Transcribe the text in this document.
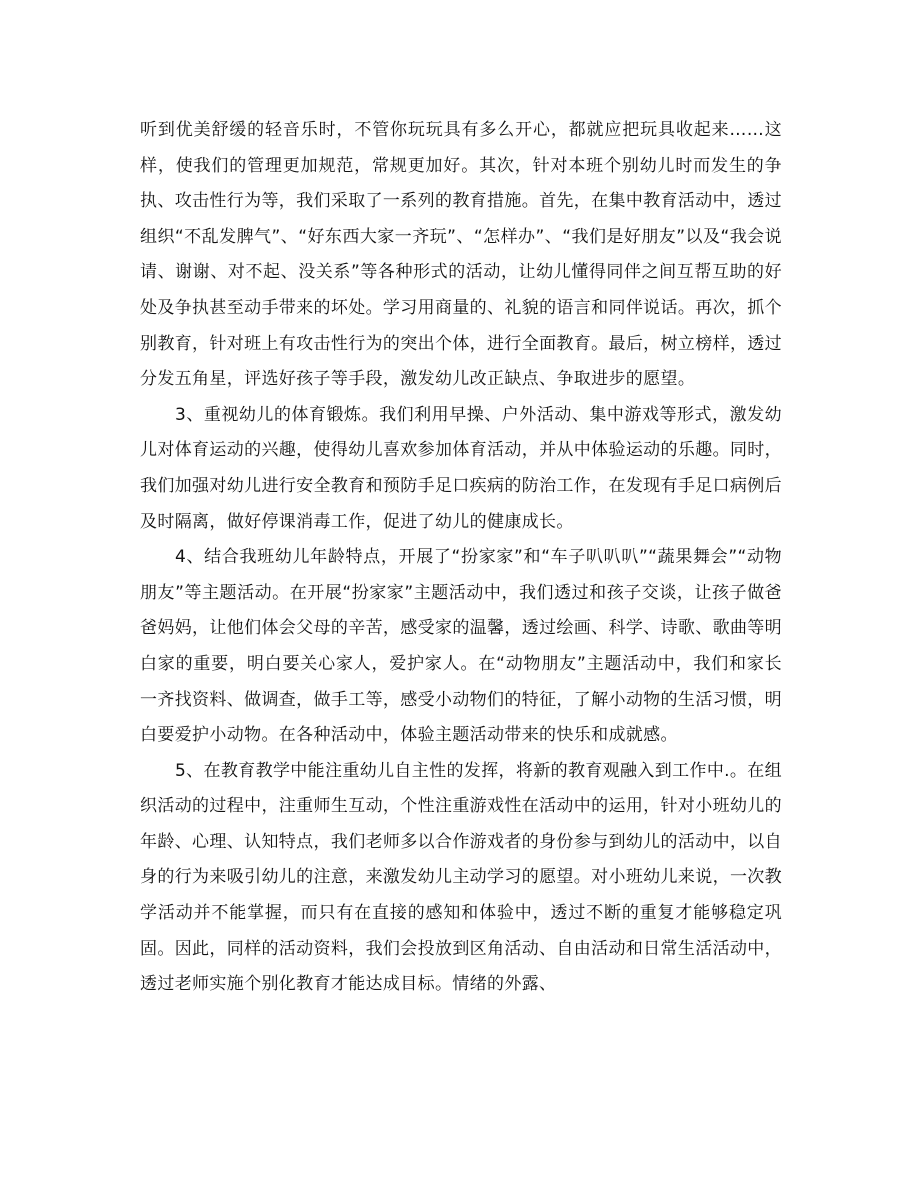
听到优美舒缓的轻音乐时，不管你玩玩具有多么开心，都就应把玩具收起来……这样，使我们的管理更加规范，常规更加好。其次，针对本班个别幼儿时而发生的争执、攻击性行为等，我们采取了一系列的教育措施。首先，在集中教育活动中，透过组织“不乱发脾气”、“好东西大家一齐玩”、“怎样办”、“我们是好朋友”以及“我会说请、谢谢、对不起、没关系”等各种形式的活动，让幼儿懂得同伴之间互帮互助的好处及争执甚至动手带来的坏处。学习用商量的、礼貌的语言和同伴说话。再次，抓个别教育，针对班上有攻击性行为的突出个体，进行全面教育。最后，树立榜样，透过分发五角星，评选好孩子等手段，激发幼儿改正缺点、争取进步的愿望。

3、重视幼儿的体育锻炼。我们利用早操、户外活动、集中游戏等形式，激发幼儿对体育运动的兴趣，使得幼儿喜欢参加体育活动，并从中体验运动的乐趣。同时，我们加强对幼儿进行安全教育和预防手足口疾病的防治工作，在发现有手足口病例后及时隔离，做好停课消毒工作，促进了幼儿的健康成长。

4、结合我班幼儿年龄特点，开展了“扮家家”和“车子叭叭叭”“蔬果舞会”“动物朋友”等主题活动。在开展“扮家家”主题活动中，我们透过和孩子交谈，让孩子做爸爸妈妈，让他们体会父母的辛苦，感受家的温馨，透过绘画、科学、诗歌、歌曲等明白家的重要，明白要关心家人，爱护家人。在“动物朋友”主题活动中，我们和家长一齐找资料、做调查，做手工等，感受小动物们的特征，了解小动物的生活习惯，明白要爱护小动物。在各种活动中，体验主题活动带来的快乐和成就感。

5、在教育教学中能注重幼儿自主性的发挥，将新的教育观融入到工作中.。在组织活动的过程中，注重师生互动，个性注重游戏性在活动中的运用，针对小班幼儿的年龄、心理、认知特点，我们老师多以合作游戏者的身份参与到幼儿的活动中，以自身的行为来吸引幼儿的注意，来激发幼儿主动学习的愿望。对小班幼儿来说，一次教学活动并不能掌握，而只有在直接的感知和体验中，透过不断的重复才能够稳定巩固。因此，同样的活动资料，我们会投放到区角活动、自由活动和日常生活活动中，透过老师实施个别化教育才能达成目标。情绪的外露、
